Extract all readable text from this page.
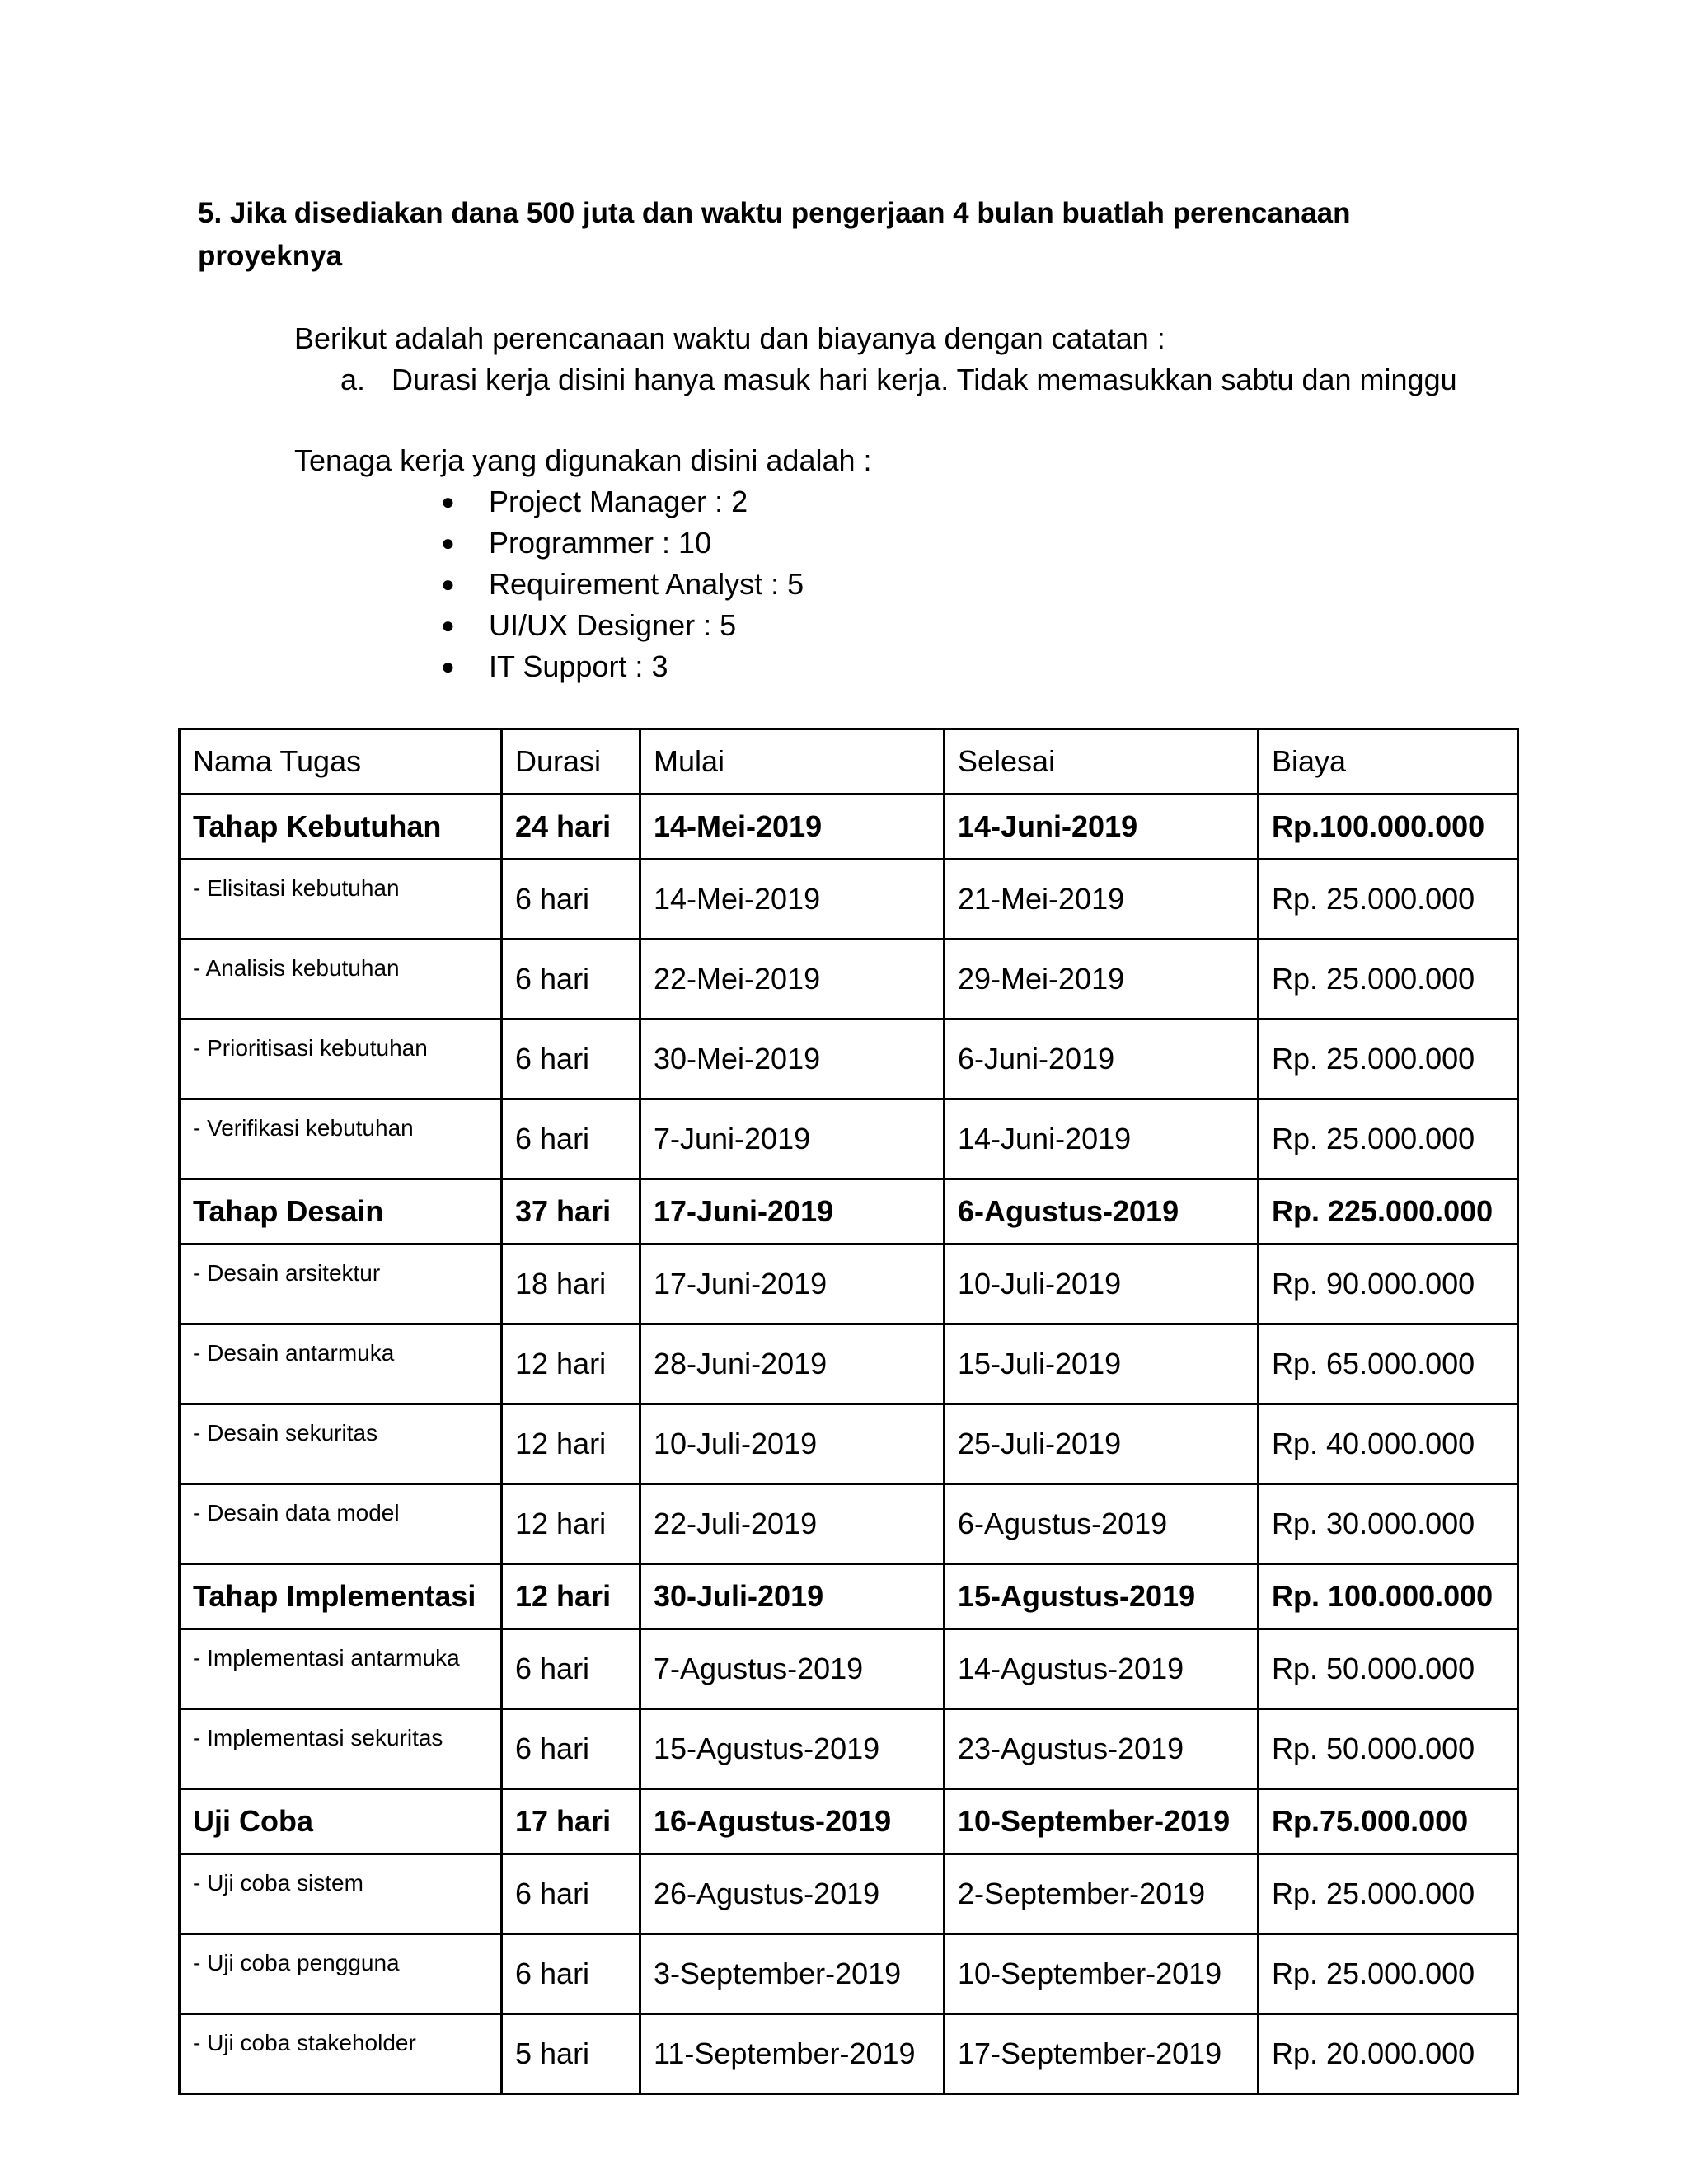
5. Jika disediakan dana 500 juta dan waktu pengerjaan 4 bulan buatlah perencanaan proyeknya
Berikut adalah perencanaan waktu dan biayanya dengan catatan :
a. Durasi kerja disini hanya masuk hari kerja. Tidak memasukkan sabtu dan minggu
Tenaga kerja yang digunakan disini adalah :
●	Project Manager : 2
●	Programmer : 10
●	Requirement Analyst : 5
●	UI/UX Designer : 5
●	IT Support : 3
Nama Tugas	Durasi	Mulai	Selesai	Biaya
Tahap Kebutuhan	24 hari	14-Mei-2019	14-Juni-2019	Rp.100.000.000
- Elisitasi kebutuhan	6 hari	14-Mei-2019	21-Mei-2019	Rp. 25.000.000
- Analisis kebutuhan	6 hari	22-Mei-2019	29-Mei-2019	Rp. 25.000.000
- Prioritisasi kebutuhan	6 hari	30-Mei-2019	6-Juni-2019	Rp. 25.000.000
- Verifikasi kebutuhan	6 hari	7-Juni-2019	14-Juni-2019	Rp. 25.000.000
Tahap Desain	37 hari	17-Juni-2019	6-Agustus-2019	Rp. 225.000.000
- Desain arsitektur	18 hari	17-Juni-2019	10-Juli-2019	Rp. 90.000.000
- Desain antarmuka	12 hari	28-Juni-2019	15-Juli-2019	Rp. 65.000.000
- Desain sekuritas	12 hari	10-Juli-2019	25-Juli-2019	Rp. 40.000.000
- Desain data model	12 hari	22-Juli-2019	6-Agustus-2019	Rp. 30.000.000
Tahap Implementasi	12 hari	30-Juli-2019	15-Agustus-2019	Rp. 100.000.000
- Implementasi antarmuka	6 hari	7-Agustus-2019	14-Agustus-2019	Rp. 50.000.000
- Implementasi sekuritas	6 hari	15-Agustus-2019	23-Agustus-2019	Rp. 50.000.000
Uji Coba	17 hari	16-Agustus-2019	10-September-2019	Rp.75.000.000
- Uji coba sistem	6 hari	26-Agustus-2019	2-September-2019	Rp. 25.000.000
- Uji coba pengguna	6 hari	3-September-2019	10-September-2019	Rp. 25.000.000
- Uji coba stakeholder	5 hari	11-September-2019	17-September-2019	Rp. 20.000.000
